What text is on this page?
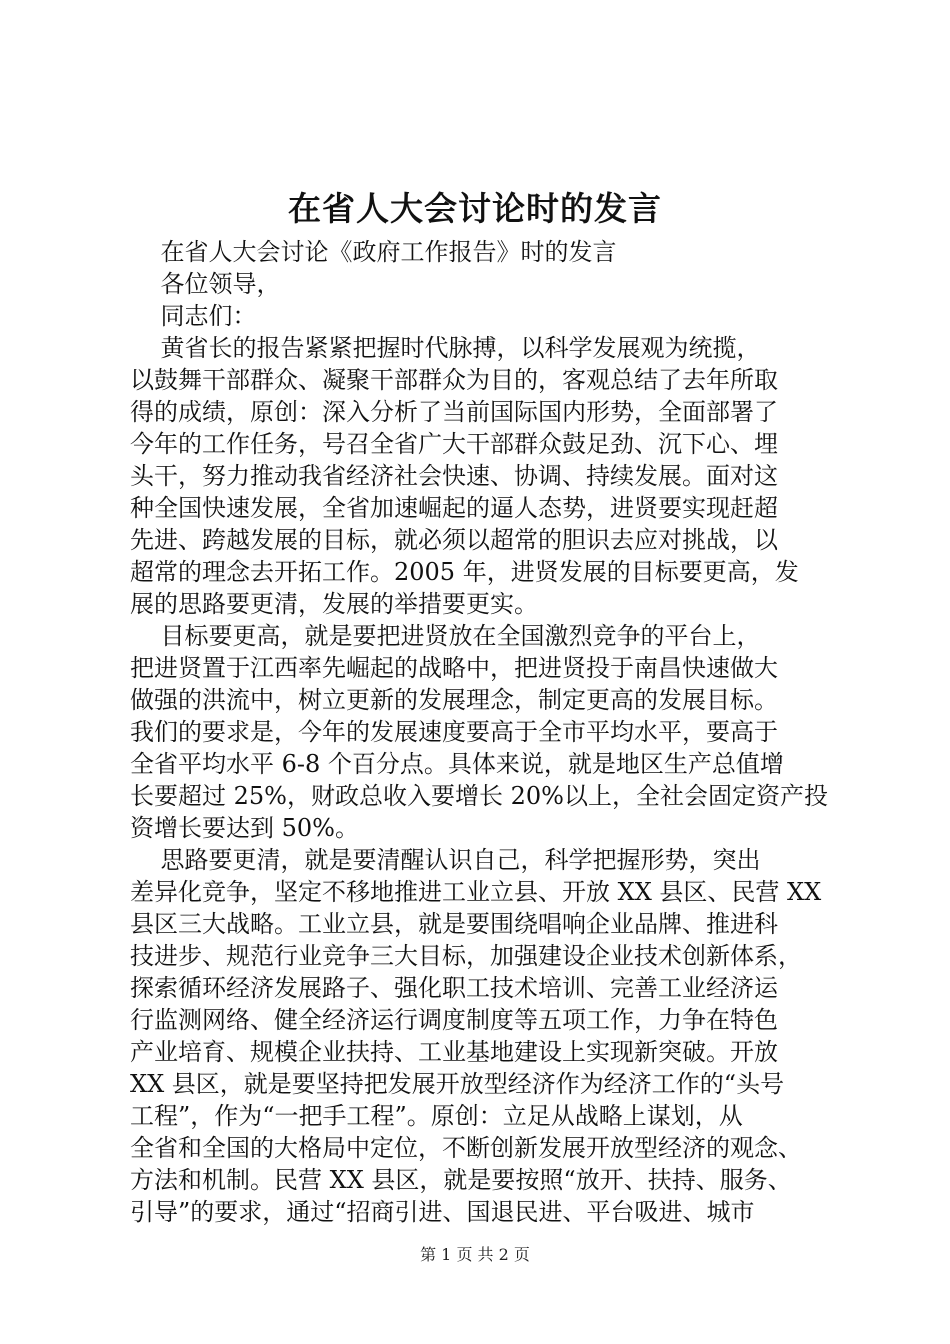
在省人大会讨论时的发言
在省人大会讨论《政府工作报告》时的发言
各位领导，
同志们：
黄省长的报告紧紧把握时代脉搏，以科学发展观为统揽，
以鼓舞干部群众、凝聚干部群众为目的，客观总结了去年所取
得的成绩，原创：深入分析了当前国际国内形势，全面部署了
今年的工作任务，号召全省广大干部群众鼓足劲、沉下心、埋
头干，努力推动我省经济社会快速、协调、持续发展。面对这
种全国快速发展，全省加速崛起的逼人态势，进贤要实现赶超
先进、跨越发展的目标，就必须以超常的胆识去应对挑战，以
超常的理念去开拓工作。2005 年，进贤发展的目标要更高，发
展的思路要更清，发展的举措要更实。
目标要更高，就是要把进贤放在全国激烈竞争的平台上，
把进贤置于江西率先崛起的战略中，把进贤投于南昌快速做大
做强的洪流中，树立更新的发展理念，制定更高的发展目标。
我们的要求是，今年的发展速度要高于全市平均水平，要高于
全省平均水平 6-8 个百分点。具体来说，就是地区生产总值增
长要超过 25%，财政总收入要增长 20%以上，全社会固定资产投
资增长要达到 50%。
思路要更清，就是要清醒认识自己，科学把握形势，突出
差异化竞争，坚定不移地推进工业立县、开放 XX 县区、民营 XX
县区三大战略。工业立县，就是要围绕唱响企业品牌、推进科
技进步、规范行业竞争三大目标，加强建设企业技术创新体系，
探索循环经济发展路子、强化职工技术培训、完善工业经济运
行监测网络、健全经济运行调度制度等五项工作，力争在特色
产业培育、规模企业扶持、工业基地建设上实现新突破。开放
XX 县区，就是要坚持把发展开放型经济作为经济工作的“头号
工程”，作为“一把手工程”。原创：立足从战略上谋划，从
全省和全国的大格局中定位，不断创新发展开放型经济的观念、
方法和机制。民营 XX 县区，就是要按照“放开、扶持、服务、
引导”的要求，通过“招商引进、国退民进、平台吸进、城市
第 1 页 共 2 页
